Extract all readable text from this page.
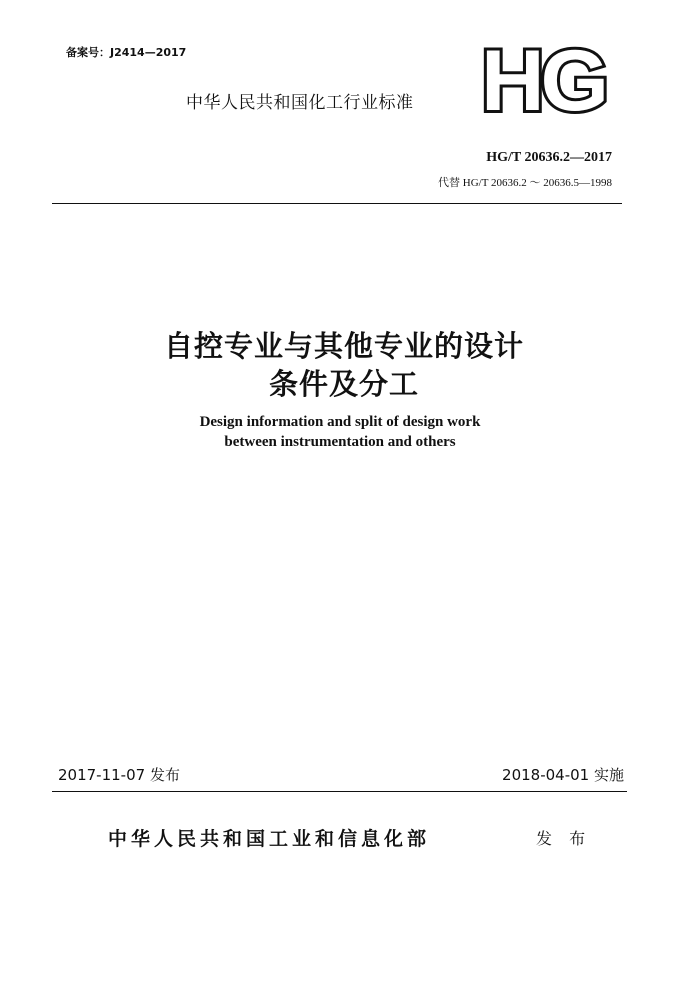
备案号：J2414—2017
中华人民共和国化工行业标准 HG
HG/T 20636.2—2017
代替 HG/T 20636.2 ～ 20636.5—1998
自控专业与其他专业的设计
条件及分工
Design information and split of design work
between instrumentation and others
2017-11-07 发布	2018-04-01 实施
中华人民共和国工业和信息化部	发 布
